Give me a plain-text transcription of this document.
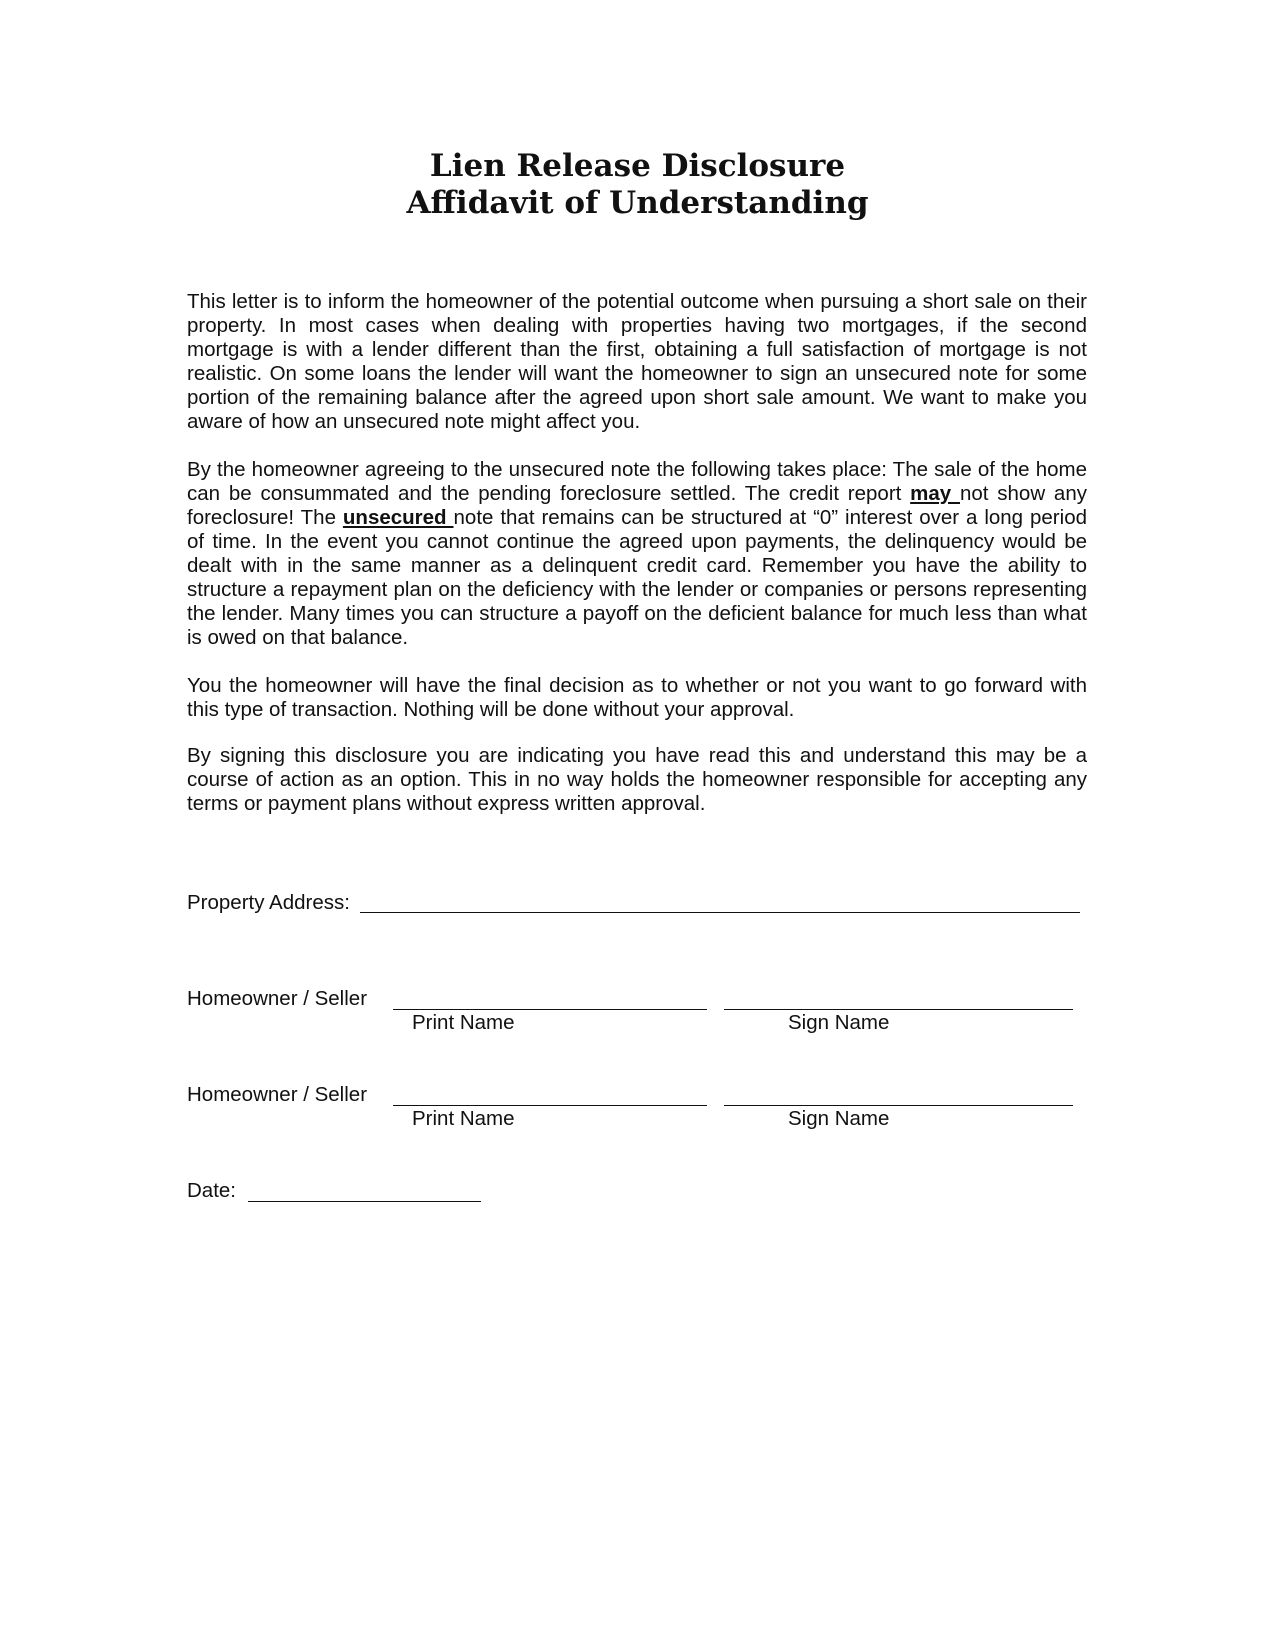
Lien Release Disclosure
Affidavit of Understanding

This letter is to inform the homeowner of the potential outcome when pursuing a short sale on their property. In most cases when dealing with properties having two mortgages, if the second mortgage is with a lender different than the first, obtaining a full satisfaction of mortgage is not realistic. On some loans the lender will want the homeowner to sign an unsecured note for some portion of the remaining balance after the agreed upon short sale amount. We want to make you aware of how an unsecured note might affect you.

By the homeowner agreeing to the unsecured note the following takes place: The sale of the home can be consummated and the pending foreclosure settled. The credit report may not show any foreclosure! The unsecured note that remains can be structured at “0” interest over a long period of time. In the event you cannot continue the agreed upon payments, the delinquency would be dealt with in the same manner as a delinquent credit card. Remember you have the ability to structure a repayment plan on the deficiency with the lender or companies or persons representing the lender. Many times you can structure a payoff on the deficient balance for much less than what is owed on that balance.

You the homeowner will have the final decision as to whether or not you want to go forward with this type of transaction. Nothing will be done without your approval.

By signing this disclosure you are indicating you have read this and understand this may be a course of action as an option. This in no way holds the homeowner responsible for accepting any terms or payment plans without express written approval.

Property Address:
Homeowner / Seller
Print Name	Sign Name
Homeowner / Seller
Print Name	Sign Name
Date:
